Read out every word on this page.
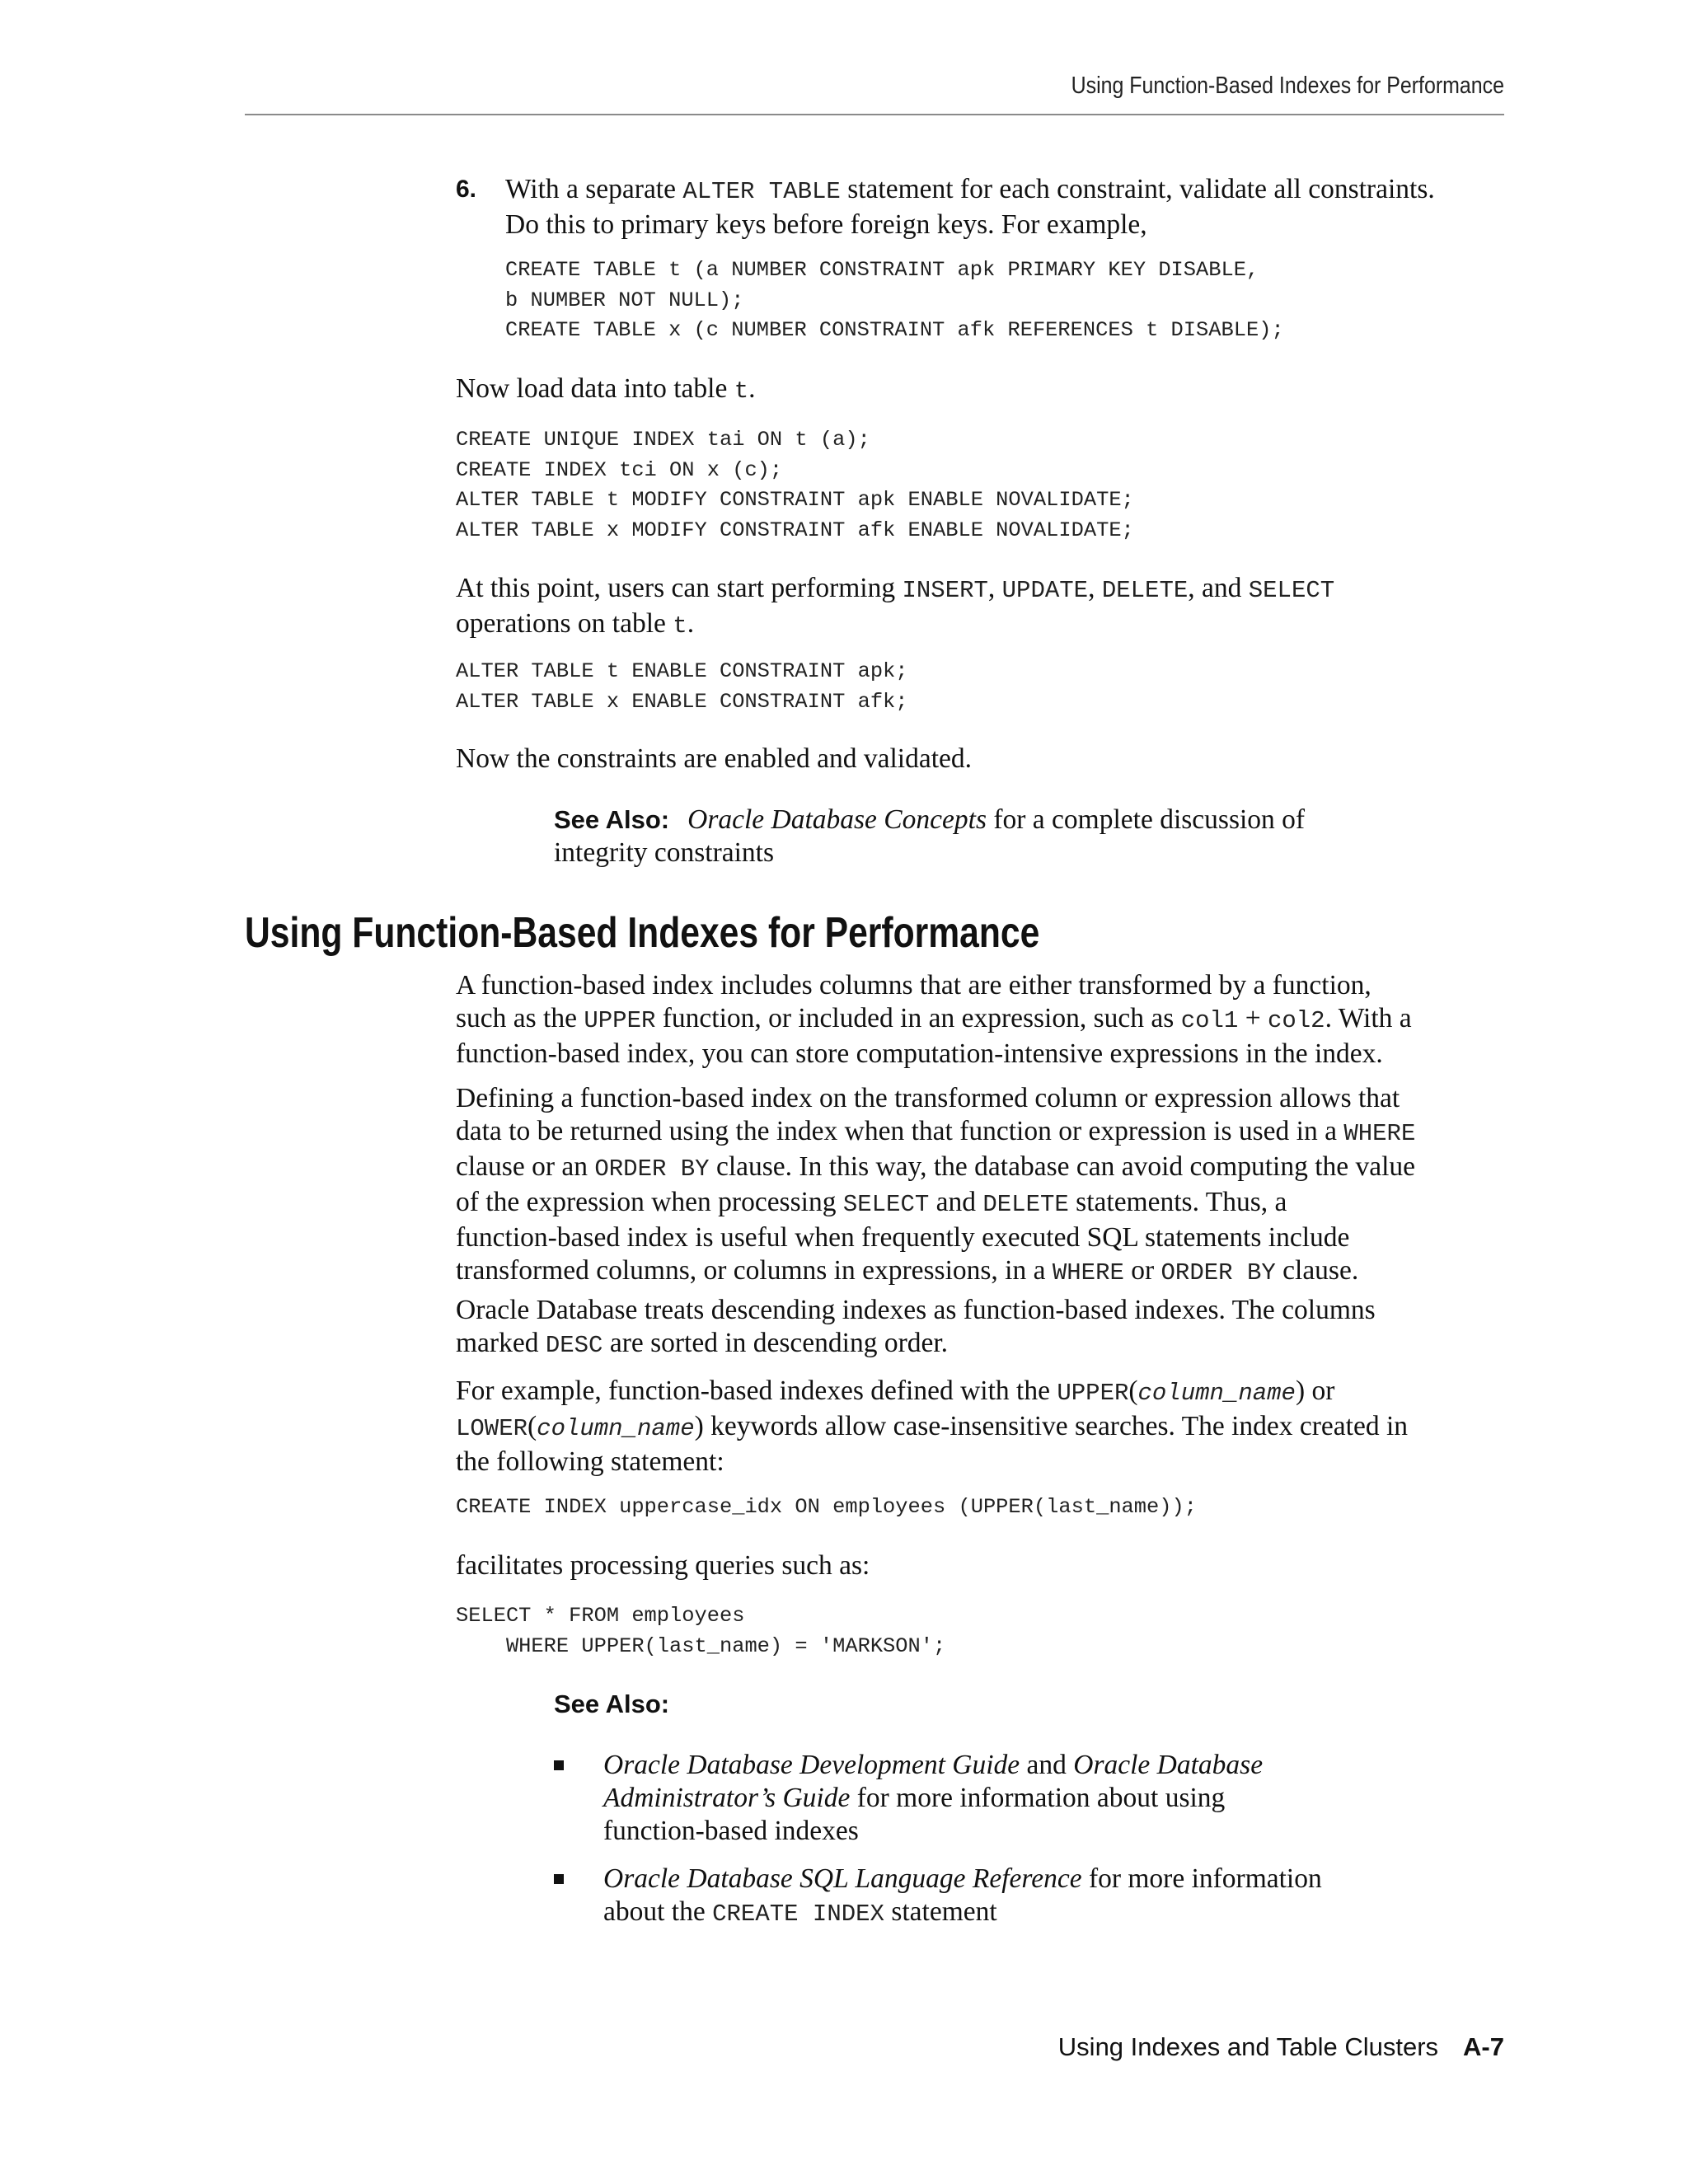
Using Function-Based Indexes for Performance
6. With a separate ALTER TABLE statement for each constraint, validate all constraints.
Do this to primary keys before foreign keys. For example,
CREATE TABLE t (a NUMBER CONSTRAINT apk PRIMARY KEY DISABLE,
b NUMBER NOT NULL);
CREATE TABLE x (c NUMBER CONSTRAINT afk REFERENCES t DISABLE);
Now load data into table t.
CREATE UNIQUE INDEX tai ON t (a);
CREATE INDEX tci ON x (c);
ALTER TABLE t MODIFY CONSTRAINT apk ENABLE NOVALIDATE;
ALTER TABLE x MODIFY CONSTRAINT afk ENABLE NOVALIDATE;
At this point, users can start performing INSERT, UPDATE, DELETE, and SELECT
operations on table t.
ALTER TABLE t ENABLE CONSTRAINT apk;
ALTER TABLE x ENABLE CONSTRAINT afk;
Now the constraints are enabled and validated.
See Also: Oracle Database Concepts for a complete discussion of
integrity constraints
Using Function-Based Indexes for Performance
A function-based index includes columns that are either transformed by a function,
such as the UPPER function, or included in an expression, such as col1 + col2. With a
function-based index, you can store computation-intensive expressions in the index.
Defining a function-based index on the transformed column or expression allows that
data to be returned using the index when that function or expression is used in a WHERE
clause or an ORDER BY clause. In this way, the database can avoid computing the value
of the expression when processing SELECT and DELETE statements. Thus, a
function-based index is useful when frequently executed SQL statements include
transformed columns, or columns in expressions, in a WHERE or ORDER BY clause.
Oracle Database treats descending indexes as function-based indexes. The columns
marked DESC are sorted in descending order.
For example, function-based indexes defined with the UPPER(column_name) or
LOWER(column_name) keywords allow case-insensitive searches. The index created in
the following statement:
CREATE INDEX uppercase_idx ON employees (UPPER(last_name));
facilitates processing queries such as:
SELECT * FROM employees
WHERE UPPER(last_name) = 'MARKSON';
See Also:
Oracle Database Development Guide and Oracle Database
Administrator’s Guide for more information about using
function-based indexes
Oracle Database SQL Language Reference for more information
about the CREATE INDEX statement
Using Indexes and Table Clusters A-7
